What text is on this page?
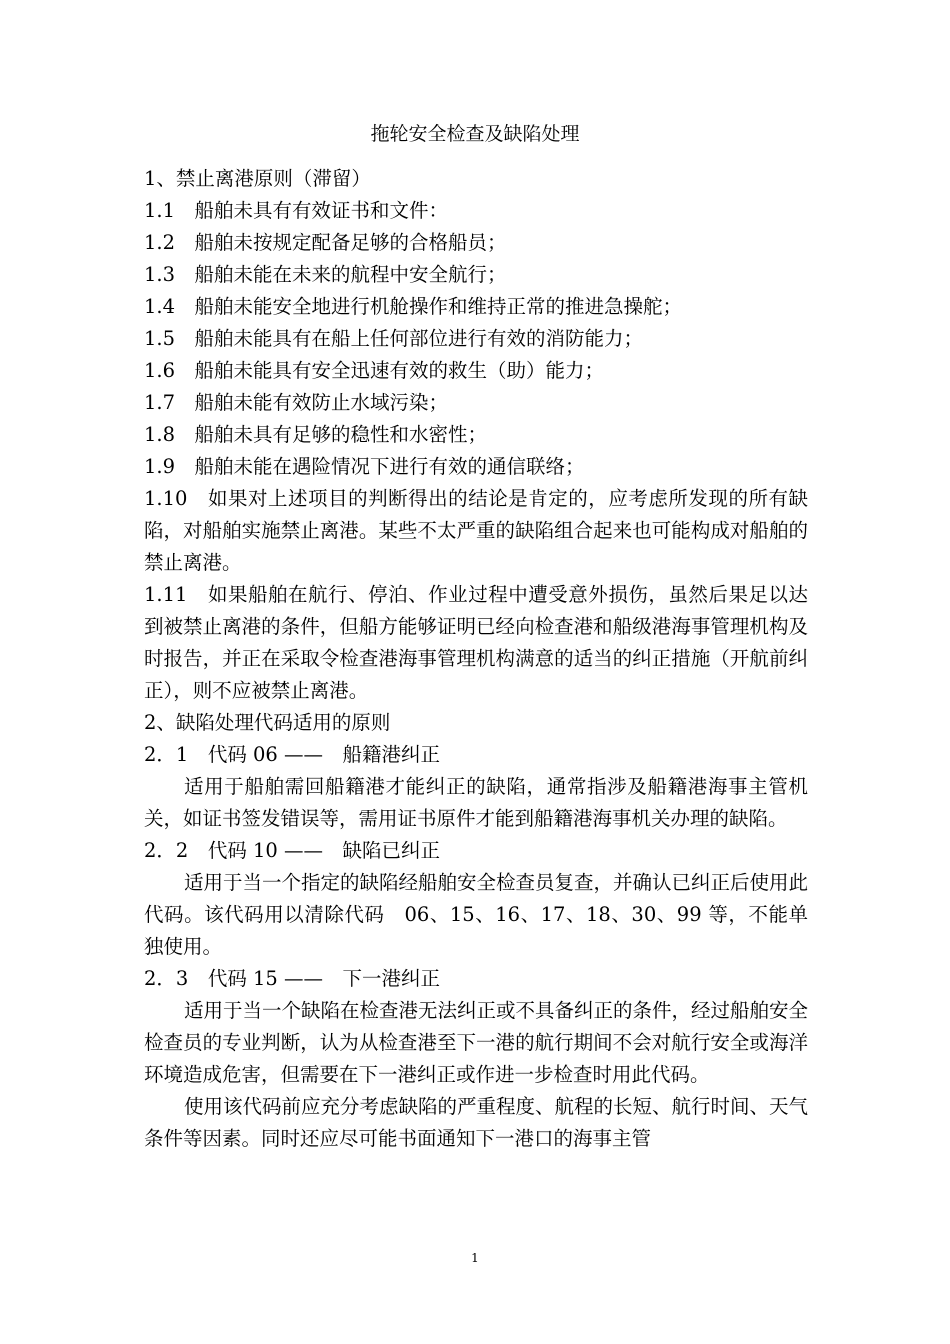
拖轮安全检查及缺陷处理

1、禁止离港原则（滞留）

1.1　船舶未具有有效证书和文件：

1.2　船舶未按规定配备足够的合格船员；

1.3　船舶未能在未来的航程中安全航行；

1.4　船舶未能安全地进行机舱操作和维持正常的推进急操舵；

1.5　船舶未能具有在船上任何部位进行有效的消防能力；

1.6　船舶未能具有安全迅速有效的救生（助）能力；

1.7　船舶未能有效防止水域污染；

1.8　船舶未具有足够的稳性和水密性；

1.9　船舶未能在遇险情况下进行有效的通信联络；

1.10　如果对上述项目的判断得出的结论是肯定的，应考虑所发现的所有缺陷，对船舶实施禁止离港。某些不太严重的缺陷组合起来也可能构成对船舶的禁止离港。

1.11　如果船舶在航行、停泊、作业过程中遭受意外损伤，虽然后果足以达到被禁止离港的条件，但船方能够证明已经向检查港和船级港海事管理机构及时报告，并正在采取令检查港海事管理机构满意的适当的纠正措施（开航前纠正），则不应被禁止离港。

2、缺陷处理代码适用的原则

2．1　代码 06 ——　船籍港纠正

适用于船舶需回船籍港才能纠正的缺陷，通常指涉及船籍港海事主管机关，如证书签发错误等，需用证书原件才能到船籍港海事机关办理的缺陷。

2．2　代码 10 ——　缺陷已纠正

适用于当一个指定的缺陷经船舶安全检查员复查，并确认已纠正后使用此代码。该代码用以清除代码　06、15、16、17、18、30、99 等，不能单独使用。

2．3　代码 15 ——　下一港纠正

适用于当一个缺陷在检查港无法纠正或不具备纠正的条件，经过船舶安全检查员的专业判断，认为从检查港至下一港的航行期间不会对航行安全或海洋环境造成危害，但需要在下一港纠正或作进一步检查时用此代码。

使用该代码前应充分考虑缺陷的严重程度、航程的长短、航行时间、天气条件等因素。同时还应尽可能书面通知下一港口的海事主管

1
